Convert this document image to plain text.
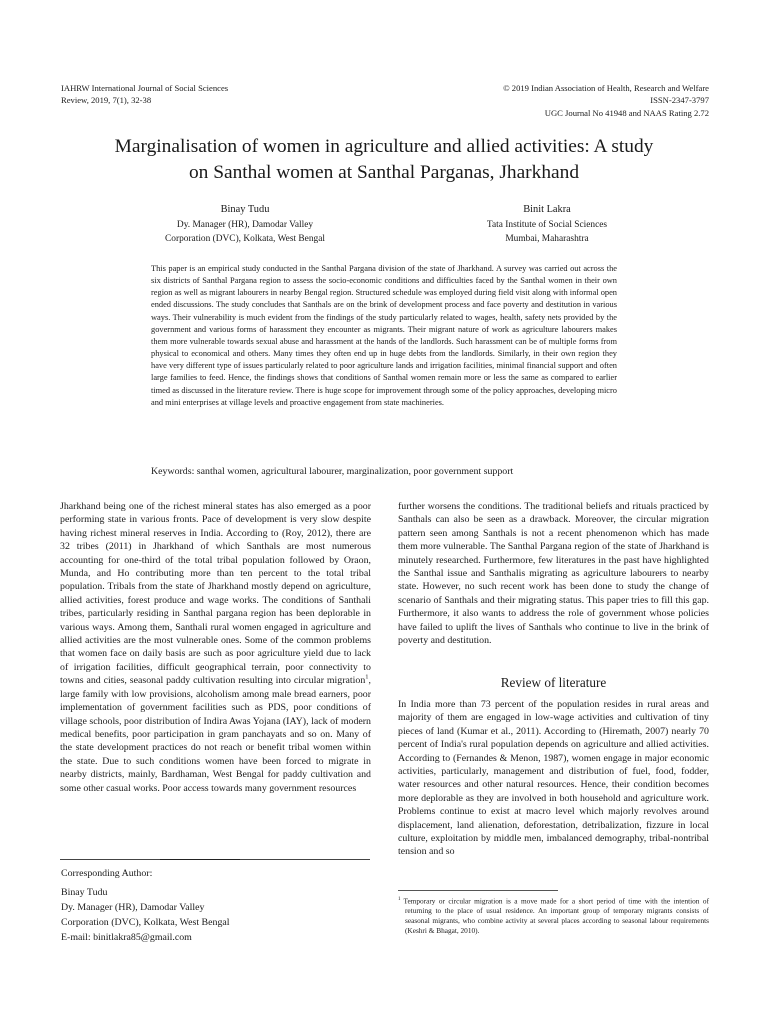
IAHRW International Journal of Social Sciences
Review, 2019, 7(1), 32-38
© 2019 Indian Association of Health, Research and Welfare
ISSN-2347-3797
UGC Journal No 41948 and NAAS Rating 2.72
Marginalisation of women in agriculture and allied activities: A study
on Santhal women at Santhal Parganas, Jharkhand
Binay Tudu
Dy. Manager (HR), Damodar Valley
Corporation (DVC), Kolkata, West Bengal
Binit Lakra
Tata Institute of Social Sciences
Mumbai, Maharashtra
This paper is an empirical study conducted in the Santhal Pargana division of the state of Jharkhand. A survey was carried out across the six districts of Santhal Pargana region to assess the socio-economic conditions and difficulties faced by the Santhal women in their own region as well as migrant labourers in nearby Bengal region. Structured schedule was employed during field visit along with informal open ended discussions. The study concludes that Santhals are on the brink of development process and face poverty and destitution in various ways. Their vulnerability is much evident from the findings of the study particularly related to wages, health, safety nets provided by the government and various forms of harassment they encounter as migrants. Their migrant nature of work as agriculture labourers makes them more vulnerable towards sexual abuse and harassment at the hands of the landlords. Such harassment can be of multiple forms from physical to economical and others. Many times they often end up in huge debts from the landlords. Similarly, in their own region they have very different type of issues particularly related to poor agriculture lands and irrigation facilities, minimal financial support and often large families to feed. Hence, the findings shows that conditions of Santhal women remain more or less the same as compared to earlier timed as discussed in the literature review. There is huge scope for improvement through some of the policy approaches, developing micro and mini enterprises at village levels and proactive engagement from state machineries.
Keywords: santhal women, agricultural labourer, marginalization, poor government support
Jharkhand being one of the richest mineral states has also emerged as a poor performing state in various fronts. Pace of development is very slow despite having richest mineral reserves in India. According to (Roy, 2012), there are 32 tribes (2011) in Jharkhand of which Santhals are most numerous accounting for one-third of the total tribal population followed by Oraon, Munda, and Ho contributing more than ten percent to the total tribal population. Tribals from the state of Jharkhand mostly depend on agriculture, allied activities, forest produce and wage works. The conditions of Santhali tribes, particularly residing in Santhal pargana region has been deplorable in various ways. Among them, Santhali rural women engaged in agriculture and allied activities are the most vulnerable ones. Some of the common problems that women face on daily basis are such as poor agriculture yield due to lack of irrigation facilities, difficult geographical terrain, poor connectivity to towns and cities, seasonal paddy cultivation resulting into circular migration$^1$, large family with low provisions, alcoholism among male bread earners, poor implementation of government facilities such as PDS, poor conditions of village schools, poor distribution of Indira Awas Yojana (IAY), lack of modern medical benefits, poor participation in gram panchayats and so on. Many of the state development practices do not reach or benefit tribal women within the state. Due to such conditions women have been forced to migrate in nearby districts, mainly, Bardhaman, West Bengal for paddy cultivation and some other casual works. Poor access towards many government resources
further worsens the conditions. The traditional beliefs and rituals practiced by Santhals can also be seen as a drawback. Moreover, the circular migration pattern seen among Santhals is not a recent phenomenon which has made them more vulnerable. The Santhal Pargana region of the state of Jharkhand is minutely researched. Furthermore, few literatures in the past have highlighted the Santhal issue and Santhalis migrating as agriculture labourers to nearby state. However, no such recent work has been done to study the change of scenario of Santhals and their migrating status. This paper tries to fill this gap. Furthermore, it also wants to address the role of government whose policies have failed to uplift the lives of Santhals who continue to live in the brink of poverty and destitution.
Review of literature
In India more than 73 percent of the population resides in rural areas and majority of them are engaged in low-wage activities and cultivation of tiny pieces of land (Kumar et al., 2011). According to (Hiremath, 2007) nearly 70 percent of India's rural population depends on agriculture and allied activities. According to (Fernandes & Menon, 1987), women engage in major economic activities, particularly, management and distribution of fuel, food, fodder, water resources and other natural resources. Hence, their condition becomes more deplorable as they are involved in both household and agriculture work. Problems continue to exist at macro level which majorly revolves around displacement, land alienation, deforestation, detribalization, fizzure in local culture, exploitation by middle men, imbalanced demography, tribal-nontribal tension and so
Corresponding Author:
Binay Tudu
Dy. Manager (HR), Damodar Valley
Corporation (DVC), Kolkata, West Bengal
E-mail: binitlakra85@gmail.com
$^1$ Temporary or circular migration is a move made for a short period of time with the intention of returning to the place of usual residence. An important group of temporary migrants consists of seasonal migrants, who combine activity at several places according to seasonal labour requirements (Keshri & Bhagat, 2010).
